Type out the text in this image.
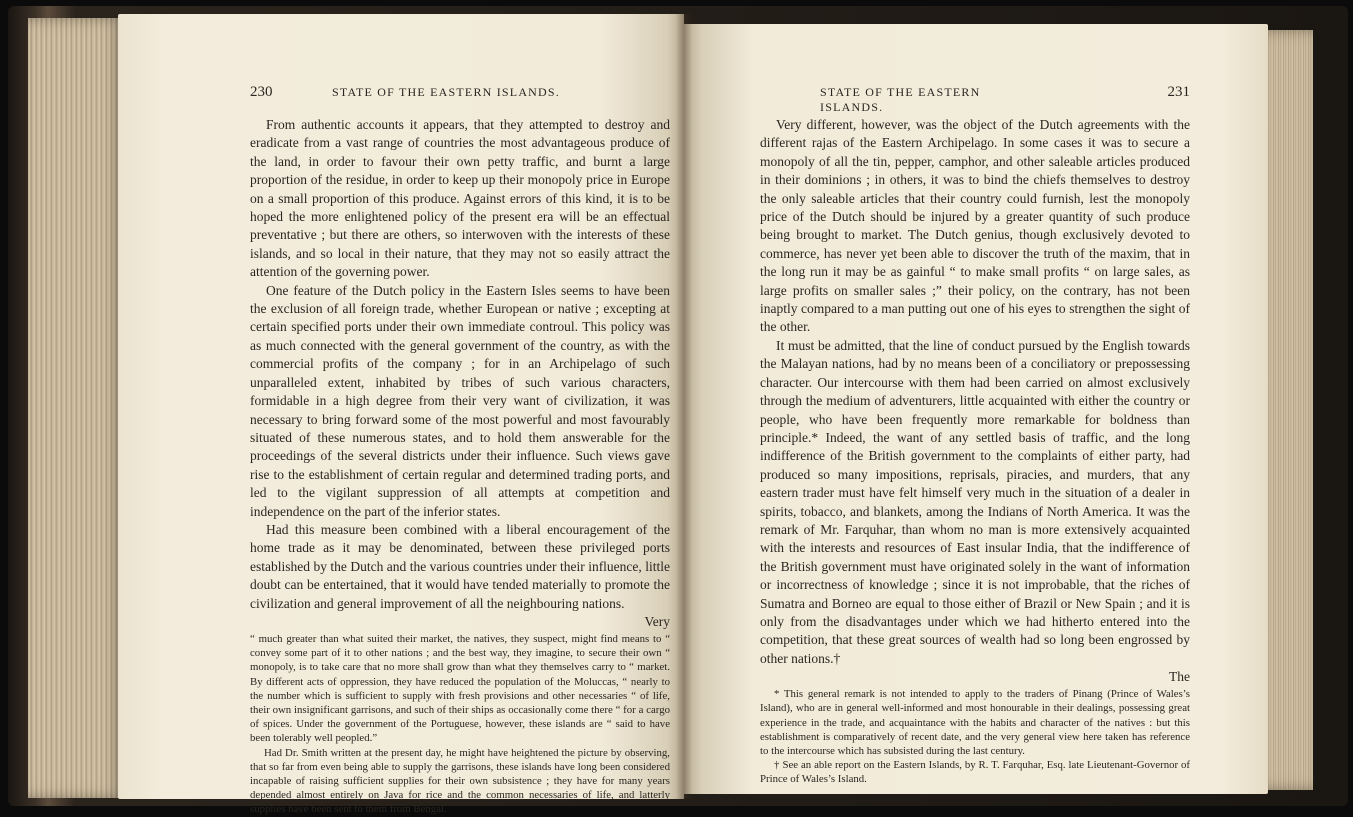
230	STATE OF THE EASTERN ISLANDS.

From authentic accounts it appears, that they attempted to destroy and eradicate from a vast range of countries the most advantageous produce of the land, in order to favour their own petty traffic, and burnt a large proportion of the residue, in order to keep up their monopoly price in Europe on a small proportion of this produce. Against errors of this kind, it is to be hoped the more enlightened policy of the present era will be an effectual preventative ; but there are others, so interwoven with the interests of these islands, and so local in their nature, that they may not so easily attract the attention of the governing power.

One feature of the Dutch policy in the Eastern Isles seems to have been the exclusion of all foreign trade, whether European or native ; excepting at certain specified ports under their own immediate controul. This policy was as much connected with the general government of the country, as with the commercial profits of the company ; for in an Archipelago of such unparalleled extent, inhabited by tribes of such various characters, formidable in a high degree from their very want of civilization, it was necessary to bring forward some of the most powerful and most favourably situated of these numerous states, and to hold them answerable for the proceedings of the several districts under their influence. Such views gave rise to the establishment of certain regular and determined trading ports, and led to the vigilant suppression of all attempts at competition and independence on the part of the inferior states.

Had this measure been combined with a liberal encouragement of the home trade as it may be denominated, between these privileged ports established by the Dutch and the various countries under their influence, little doubt can be entertained, that it would have tended materially to promote the civilization and general improvement of all the neighbouring nations.

Very

“ much greater than what suited their market, the natives, they suspect, might find means to “ convey some part of it to other nations ; and the best way, they imagine, to secure their own “ monopoly, is to take care that no more shall grow than what they themselves carry to “ market. By different acts of oppression, they have reduced the population of the Moluccas, “ nearly to the number which is sufficient to supply with fresh provisions and other necessaries “ of life, their own insignificant garrisons, and such of their ships as occasionally come there “ for a cargo of spices. Under the government of the Portuguese, however, these islands are “ said to have been tolerably well peopled.”

Had Dr. Smith written at the present day, he might have heightened the picture by observing, that so far from even being able to supply the garrisons, these islands have long been considered incapable of raising sufficient supplies for their own subsistence ; they have for many years depended almost entirely on Java for rice and the common necessaries of life, and latterly supplies have been sent to them from Bengal.

STATE OF THE EASTERN ISLANDS.
231

Very different, however, was the object of the Dutch agreements with the different rajas of the Eastern Archipelago. In some cases it was to secure a monopoly of all the tin, pepper, camphor, and other saleable articles produced in their dominions ; in others, it was to bind the chiefs themselves to destroy the only saleable articles that their country could furnish, lest the monopoly price of the Dutch should be injured by a greater quantity of such produce being brought to market. The Dutch genius, though exclusively devoted to commerce, has never yet been able to discover the truth of the maxim, that in the long run it may be as gainful “ to make small profits “ on large sales, as large profits on smaller sales ;” their policy, on the contrary, has not been inaptly compared to a man putting out one of his eyes to strengthen the sight of the other.

It must be admitted, that the line of conduct pursued by the English towards the Malayan nations, had by no means been of a conciliatory or prepossessing character. Our intercourse with them had been carried on almost exclusively through the medium of adventurers, little acquainted with either the country or people, who have been frequently more remarkable for boldness than principle.* Indeed, the want of any settled basis of traffic, and the long indifference of the British government to the complaints of either party, had produced so many impositions, reprisals, piracies, and murders, that any eastern trader must have felt himself very much in the situation of a dealer in spirits, tobacco, and blankets, among the Indians of North America. It was the remark of Mr. Farquhar, than whom no man is more extensively acquainted with the interests and resources of East insular India, that the indifference of the British government must have originated solely in the want of information or incorrectness of knowledge ; since it is not improbable, that the riches of Sumatra and Borneo are equal to those either of Brazil or New Spain ; and it is only from the disadvantages under which we had hitherto entered into the competition, that these great sources of wealth had so long been engrossed by other nations.†

The

* This general remark is not intended to apply to the traders of Pinang (Prince of Wales’s Island), who are in general well-informed and most honourable in their dealings, possessing great experience in the trade, and acquaintance with the habits and character of the natives : but this establishment is comparatively of recent date, and the very general view here taken has reference to the intercourse which has subsisted during the last century.

† See an able report on the Eastern Islands, by R. T. Farquhar, Esq. late Lieutenant-Governor of Prince of Wales’s Island.
